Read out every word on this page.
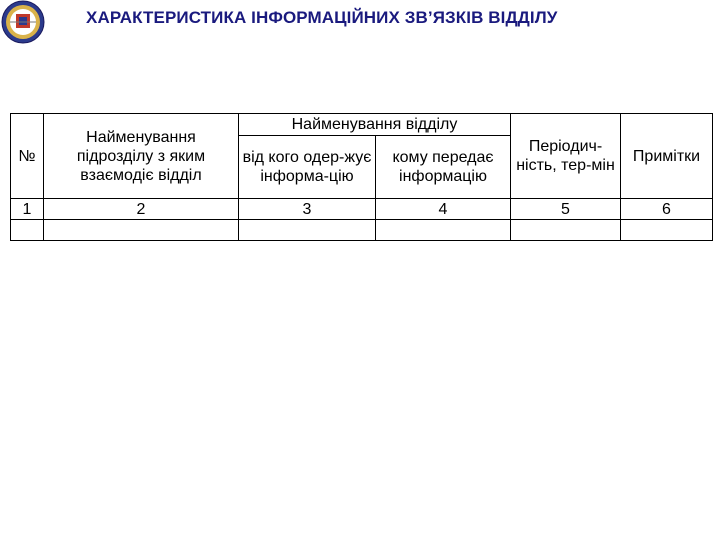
ХАРАКТЕРИСТИКА ІНФОРМАЦІЙНИХ ЗВ’ЯЗКІВ ВІДДІЛУ
№	Найменування підрозділу з яким взаємодіє відділ	Найменування відділу		Періодич-ність, тер-мін	Примітки
		від кого одер-жує інформа-цію	кому передає інформацію		
1	2	3	4	5	6
